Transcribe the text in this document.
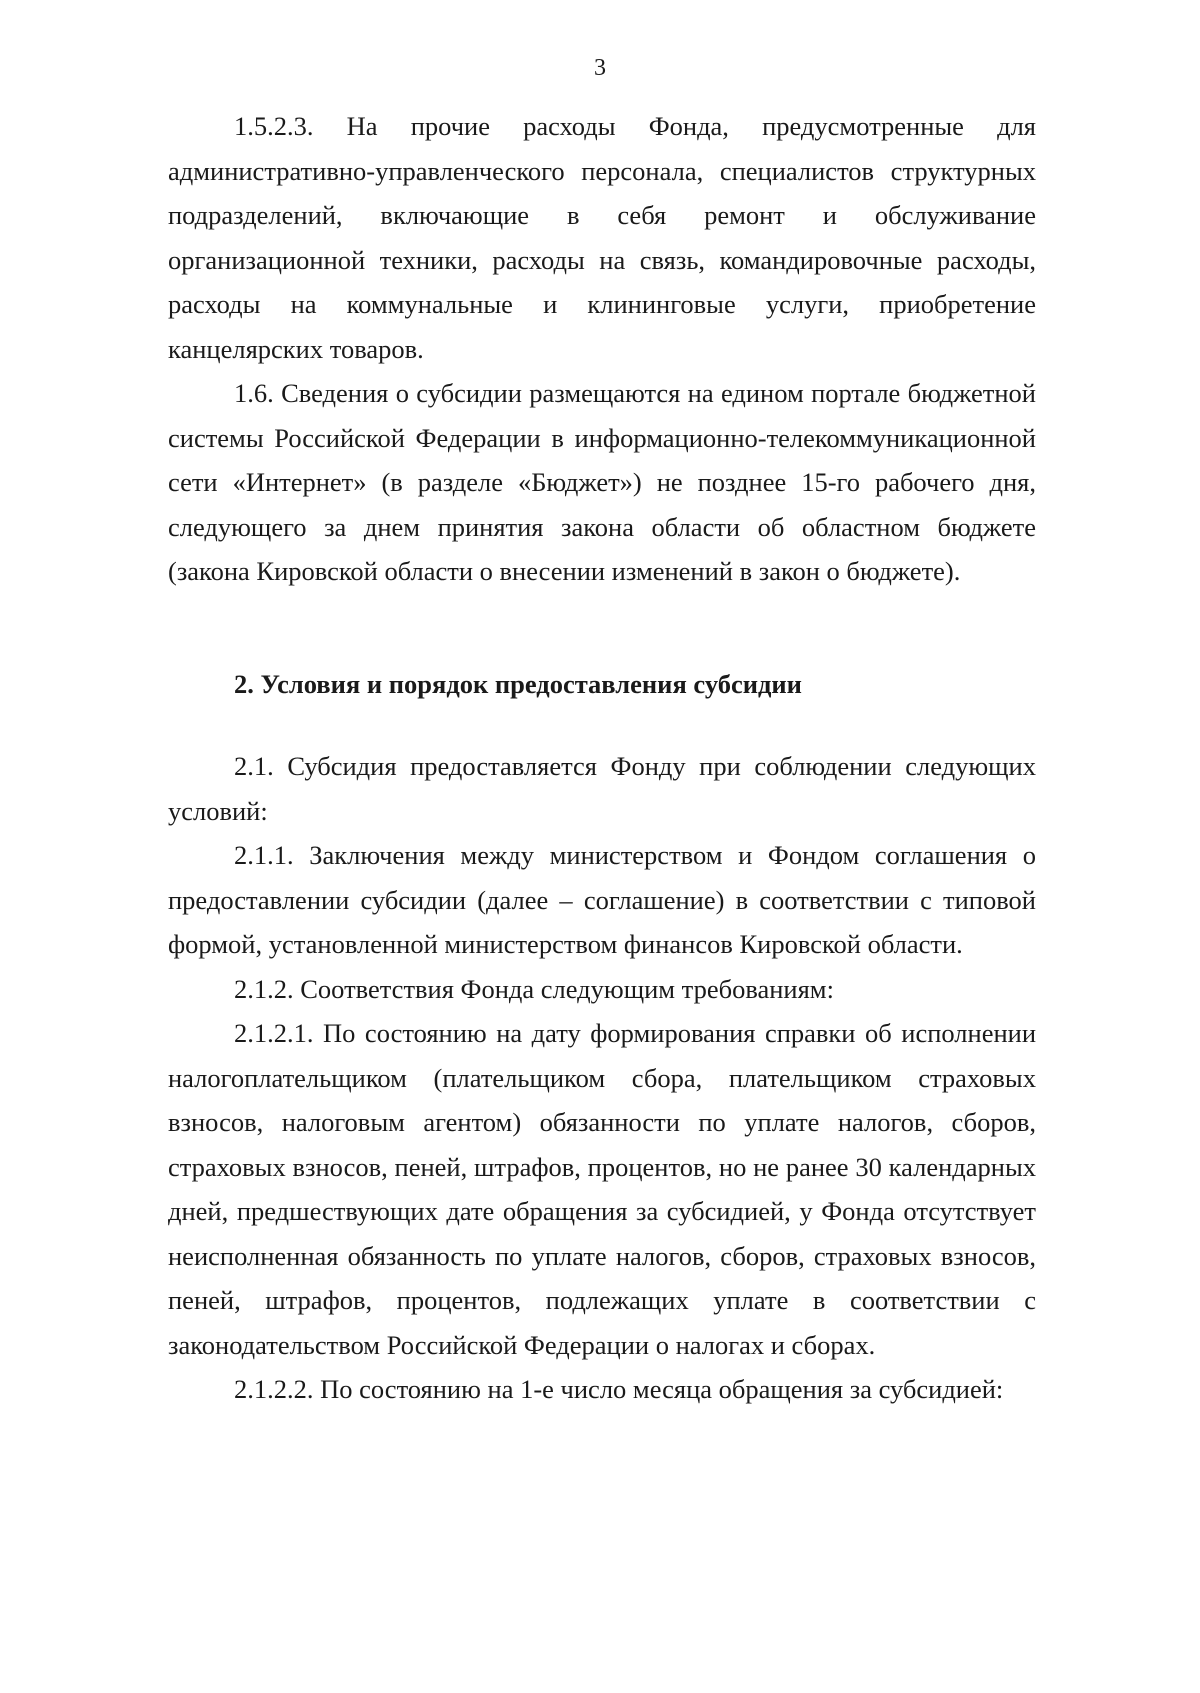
3

1.5.2.3. На прочие расходы Фонда, предусмотренные для административно-управленческого персонала, специалистов структурных подразделений, включающие в себя ремонт и обслуживание организационной техники, расходы на связь, командировочные расходы, расходы на коммунальные и клининговые услуги, приобретение канцелярских товаров.

1.6. Сведения о субсидии размещаются на едином портале бюджетной системы Российской Федерации в информационно-телекоммуникационной сети «Интернет» (в разделе «Бюджет») не позднее 15-го рабочего дня, следующего за днем принятия закона области об областном бюджете (закона Кировской области о внесении изменений в закон о бюджете).

2. Условия и порядок предоставления субсидии

2.1. Субсидия предоставляется Фонду при соблюдении следующих условий:

2.1.1. Заключения между министерством и Фондом соглашения о предоставлении субсидии (далее – соглашение) в соответствии с типовой формой, установленной министерством финансов Кировской области.

2.1.2. Соответствия Фонда следующим требованиям:

2.1.2.1. По состоянию на дату формирования справки об исполнении налогоплательщиком (плательщиком сбора, плательщиком страховых взносов, налоговым агентом) обязанности по уплате налогов, сборов, страховых взносов, пеней, штрафов, процентов, но не ранее 30 календарных дней, предшествующих дате обращения за субсидией, у Фонда отсутствует неисполненная обязанность по уплате налогов, сборов, страховых взносов, пеней, штрафов, процентов, подлежащих уплате в соответствии с законодательством Российской Федерации о налогах и сборах.

2.1.2.2. По состоянию на 1-е число месяца обращения за субсидией:
